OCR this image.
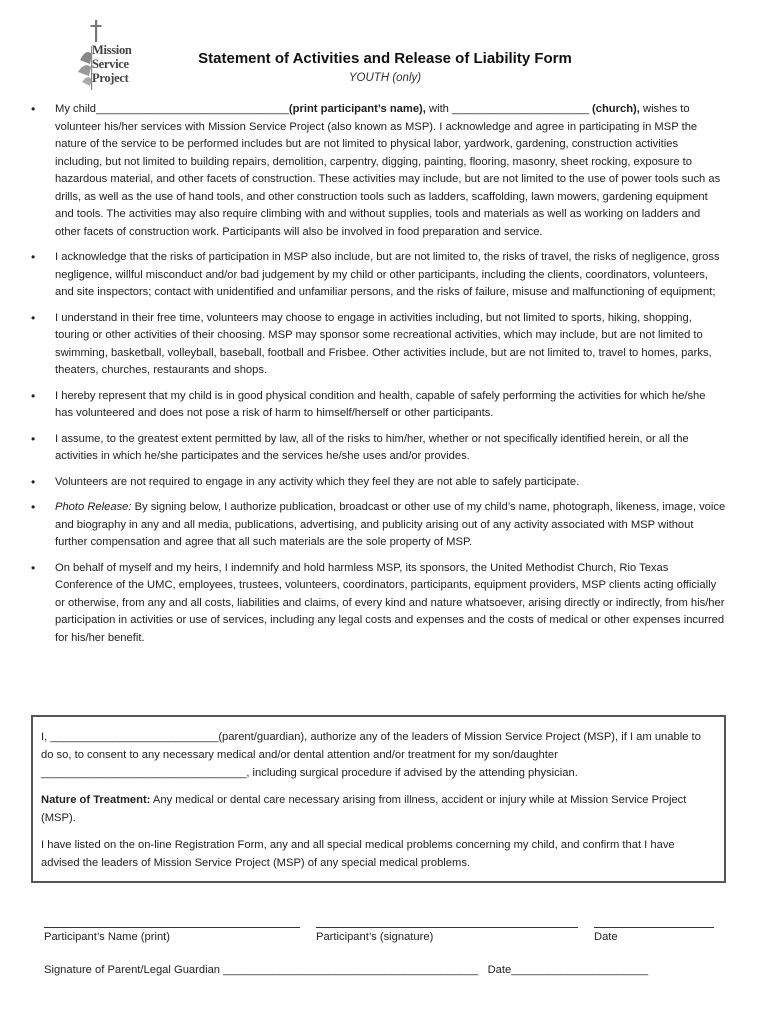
Mission
Service
Project
Statement of Activities and Release of Liability Form
YOUTH (only)
• My child_______________________________(print participant’s name), with ______________________ (church), wishes to volunteer his/her services with Mission Service Project (also known as MSP). I acknowledge and agree in participating in MSP the nature of the service to be performed includes but are not limited to physical labor, yardwork, gardening, construction activities including, but not limited to building repairs, demolition, carpentry, digging, painting, flooring, masonry, sheet rocking, exposure to hazardous material, and other facets of construction. These activities may include, but are not limited to the use of power tools such as drills, as well as the use of hand tools, and other construction tools such as ladders, scaffolding, lawn mowers, gardening equipment and tools. The activities may also require climbing with and without supplies, tools and materials as well as working on ladders and other facets of construction work. Participants will also be involved in food preparation and service.
• I acknowledge that the risks of participation in MSP also include, but are not limited to, the risks of travel, the risks of negligence, gross negligence, willful misconduct and/or bad judgement by my child or other participants, including the clients, coordinators, volunteers, and site inspectors; contact with unidentified and unfamiliar persons, and the risks of failure, misuse and malfunctioning of equipment;
• I understand in their free time, volunteers may choose to engage in activities including, but not limited to sports, hiking, shopping, touring or other activities of their choosing. MSP may sponsor some recreational activities, which may include, but are not limited to swimming, basketball, volleyball, baseball, football and Frisbee. Other activities include, but are not limited to, travel to homes, parks, theaters, churches, restaurants and shops.
• I hereby represent that my child is in good physical condition and health, capable of safely performing the activities for which he/she has volunteered and does not pose a risk of harm to himself/herself or other participants.
• I assume, to the greatest extent permitted by law, all of the risks to him/her, whether or not specifically identified herein, or all the activities in which he/she participates and the services he/she uses and/or provides.
• Volunteers are not required to engage in any activity which they feel they are not able to safely participate.
• Photo Release: By signing below, I authorize publication, broadcast or other use of my child’s name, photograph, likeness, image, voice and biography in any and all media, publications, advertising, and publicity arising out of any activity associated with MSP without further compensation and agree that all such materials are the sole property of MSP.
• On behalf of myself and my heirs, I indemnify and hold harmless MSP, its sponsors, the United Methodist Church, Rio Texas Conference of the UMC, employees, trustees, volunteers, coordinators, participants, equipment providers, MSP clients acting officially or otherwise, from any and all costs, liabilities and claims, of every kind and nature whatsoever, arising directly or indirectly, from his/her participation in activities or use of services, including any legal costs and expenses and the costs of medical or other expenses incurred for his/her benefit.

I, ___________________________(parent/guardian), authorize any of the leaders of Mission Service Project (MSP), if I am unable to do so, to consent to any necessary medical and/or dental attention and/or treatment for my son/daughter _________________________________, including surgical procedure if advised by the attending physician.

Nature of Treatment: Any medical or dental care necessary arising from illness, accident or injury while at Mission Service Project (MSP).

I have listed on the on-line Registration Form, any and all special medical problems concerning my child, and confirm that I have advised the leaders of Mission Service Project (MSP) of any special medical problems.

Participant’s Name (print)	Participant’s (signature)	Date
Signature of Parent/Legal Guardian _________________________________________ Date______________________
